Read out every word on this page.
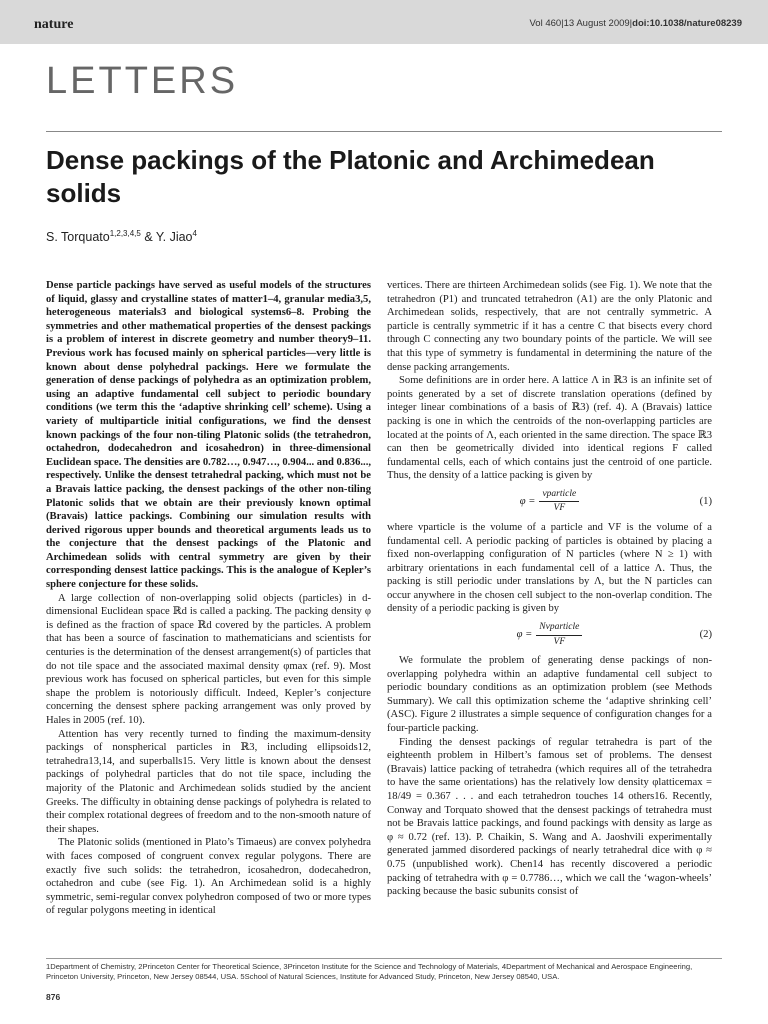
nature	Vol 460|13 August 2009|doi:10.1038/nature08239
LETTERS
Dense packings of the Platonic and Archimedean solids
S. Torquato$^{1,2,3,4,5}$ & Y. Jiao$^4$

Dense particle packings have served as useful models of the structures of liquid, glassy and crystalline states of matter1–4, granular media3,5, heterogeneous materials3 and biological systems6–8. Probing the symmetries and other mathematical properties of the densest packings is a problem of interest in discrete geometry and number theory9–11. Previous work has focused mainly on spherical particles—very little is known about dense polyhedral packings. Here we formulate the generation of dense packings of polyhedra as an optimization problem, using an adaptive fundamental cell subject to periodic boundary conditions (we term this the ‘adaptive shrinking cell’ scheme). Using a variety of multiparticle initial configurations, we find the densest known packings of the four non-tiling Platonic solids (the tetrahedron, octahedron, dodecahedron and icosahedron) in three-dimensional Euclidean space. The densities are 0.782…, 0.947…, 0.904... and 0.836..., respectively. Unlike the densest tetrahedral packing, which must not be a Bravais lattice packing, the densest packings of the other non-tiling Platonic solids that we obtain are their previously known optimal (Bravais) lattice packings. Combining our simulation results with derived rigorous upper bounds and theoretical arguments leads us to the conjecture that the densest packings of the Platonic and Archimedean solids with central symmetry are given by their corresponding densest lattice packings. This is the analogue of Kepler’s sphere conjecture for these solids.

A large collection of non-overlapping solid objects (particles) in d-dimensional Euclidean space ℝd is called a packing. The packing density φ is defined as the fraction of space ℝd covered by the particles. A problem that has been a source of fascination to mathematicians and scientists for centuries is the determination of the densest arrangement(s) of particles that do not tile space and the associated maximal density φmax (ref. 9). Most previous work has focused on spherical particles, but even for this simple shape the problem is notoriously difficult. Indeed, Kepler’s conjecture concerning the densest sphere packing arrangement was only proved by Hales in 2005 (ref. 10).

Attention has very recently turned to finding the maximum-density packings of nonspherical particles in ℝ3, including ellipsoids12, tetrahedra13,14, and superballs15. Very little is known about the densest packings of polyhedral particles that do not tile space, including the majority of the Platonic and Archimedean solids studied by the ancient Greeks. The difficulty in obtaining dense packings of polyhedra is related to their complex rotational degrees of freedom and to the non-smooth nature of their shapes.

The Platonic solids (mentioned in Plato’s Timaeus) are convex polyhedra with faces composed of congruent convex regular polygons. There are exactly five such solids: the tetrahedron, icosahedron, dodecahedron, octahedron and cube (see Fig. 1). An Archimedean solid is a highly symmetric, semi-regular convex polyhedron composed of two or more types of regular polygons meeting in identical

vertices. There are thirteen Archimedean solids (see Fig. 1). We note that the tetrahedron (P1) and truncated tetrahedron (A1) are the only Platonic and Archimedean solids, respectively, that are not centrally symmetric. A particle is centrally symmetric if it has a centre C that bisects every chord through C connecting any two boundary points of the particle. We will see that this type of symmetry is fundamental in determining the nature of the dense packing arrangements.

Some definitions are in order here. A lattice Λ in ℝ3 is an infinite set of points generated by a set of discrete translation operations (defined by integer linear combinations of a basis of ℝ3) (ref. 4). A (Bravais) lattice packing is one in which the centroids of the non-overlapping particles are located at the points of Λ, each oriented in the same direction. The space ℝ3 can then be geometrically divided into identical regions F called fundamental cells, each of which contains just the centroid of one particle. Thus, the density of a lattice packing is given by

$\varphi = \frac{\text{vparticle}}{VF}$	(1)

where vparticle is the volume of a particle and VF is the volume of a fundamental cell. A periodic packing of particles is obtained by placing a fixed non-overlapping configuration of N particles (where N ≥ 1) with arbitrary orientations in each fundamental cell of a lattice Λ. Thus, the packing is still periodic under translations by Λ, but the N particles can occur anywhere in the chosen cell subject to the non-overlap condition. The density of a periodic packing is given by

$\varphi = \frac{\text{Nvparticle}}{VF}$	(2)

We formulate the problem of generating dense packings of non-overlapping polyhedra within an adaptive fundamental cell subject to periodic boundary conditions as an optimization problem (see Methods Summary). We call this optimization scheme the ‘adaptive shrinking cell’ (ASC). Figure 2 illustrates a simple sequence of configuration changes for a four-particle packing.

Finding the densest packings of regular tetrahedra is part of the eighteenth problem in Hilbert’s famous set of problems. The densest (Bravais) lattice packing of tetrahedra (which requires all of the tetrahedra to have the same orientations) has the relatively low density φlatticemax = 18/49 = 0.367 . . . and each tetrahedron touches 14 others16. Recently, Conway and Torquato showed that the densest packings of tetrahedra must not be Bravais lattice packings, and found packings with density as large as φ ≈ 0.72 (ref. 13). P. Chaikin, S. Wang and A. Jaoshvili experimentally generated jammed disordered packings of nearly tetrahedral dice with φ ≈ 0.75 (unpublished work). Chen14 has recently discovered a periodic packing of tetrahedra with φ = 0.7786…, which we call the ‘wagon-wheels’ packing because the basic subunits consist of

1Department of Chemistry, 2Princeton Center for Theoretical Science, 3Princeton Institute for the Science and Technology of Materials, 4Department of Mechanical and Aerospace Engineering, Princeton University, Princeton, New Jersey 08544, USA. 5School of Natural Sciences, Institute for Advanced Study, Princeton, New Jersey 08540, USA.
876
